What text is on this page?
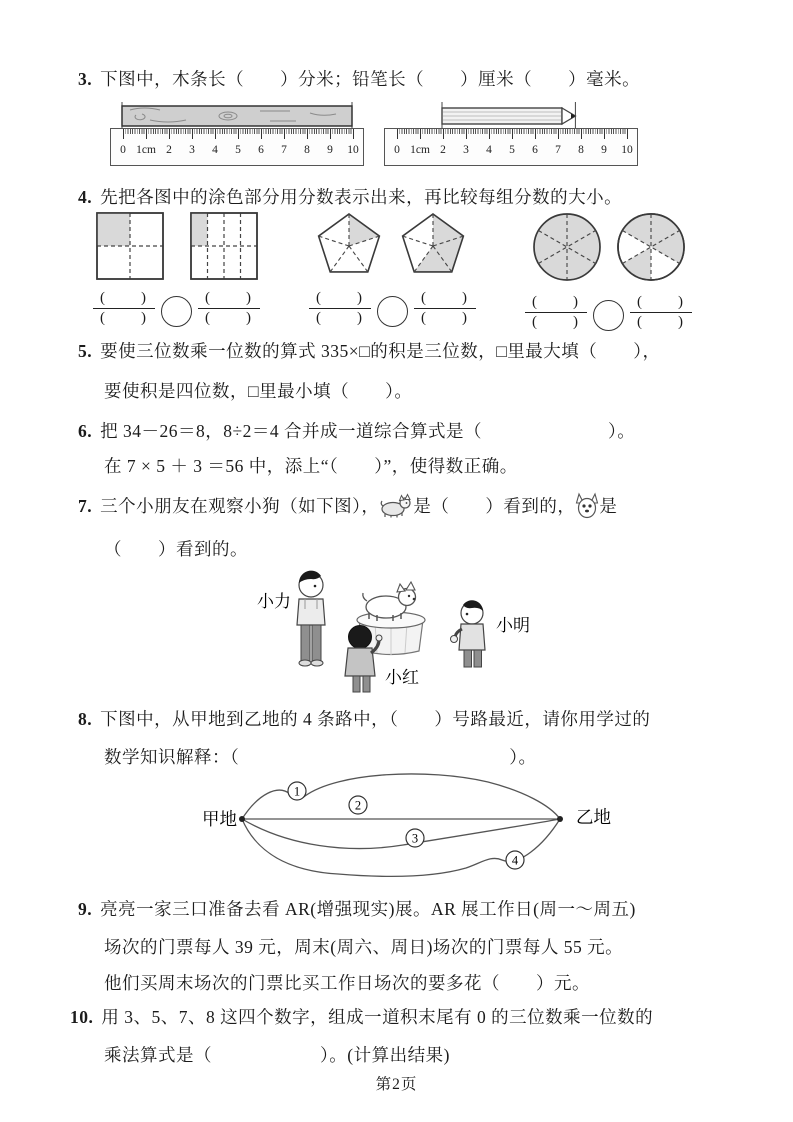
3. 下图中，木条长（　　）分米；铅笔长（　　）厘米（　　）毫米。
0 1cm 2 3 4 5 6 7 8 9 10	0 1cm 2 3 4 5 6 7 8 9 10
4. 先把各图中的涂色部分用分数表示出来，再比较每组分数的大小。
$\frac{( )}{( )}$	$\frac{( )}{( )}$	$\frac{( )}{( )}$	$\frac{( )}{( )}$	$\frac{( )}{( )}$	$\frac{( )}{( )}$
5. 要使三位数乘一位数的算式 335×□的积是三位数，□里最大填（　　），
要使积是四位数，□里最小填（　　）。
6. 把 34－26＝8，8÷2＝4 合并成一道综合算式是（　　　　　　　）。
在 7 × 5 ＋ 3 ＝56 中，添上“（　　）”，使得数正确。
7. 三个小朋友在观察小狗（如下图）， 是（　　）看到的， 是
（　　）看到的。
小力
小红
小明
8. 下图中，从甲地到乙地的 4 条路中，（　　）号路最近，请你用学过的
数学知识解释：（　　　　　　　　　　　　　　　）。
1
2
3
4
甲地	乙地
9. 亮亮一家三口准备去看 AR(增强现实)展。AR 展工作日(周一～周五)
场次的门票每人 39 元，周末(周六、周日)场次的门票每人 55 元。
他们买周末场次的门票比买工作日场次的要多花（　　）元。
10. 用 3、5、7、8 这四个数字，组成一道积末尾有 0 的三位数乘一位数的
乘法算式是（　　　　　　）。(计算出结果)
第2页
